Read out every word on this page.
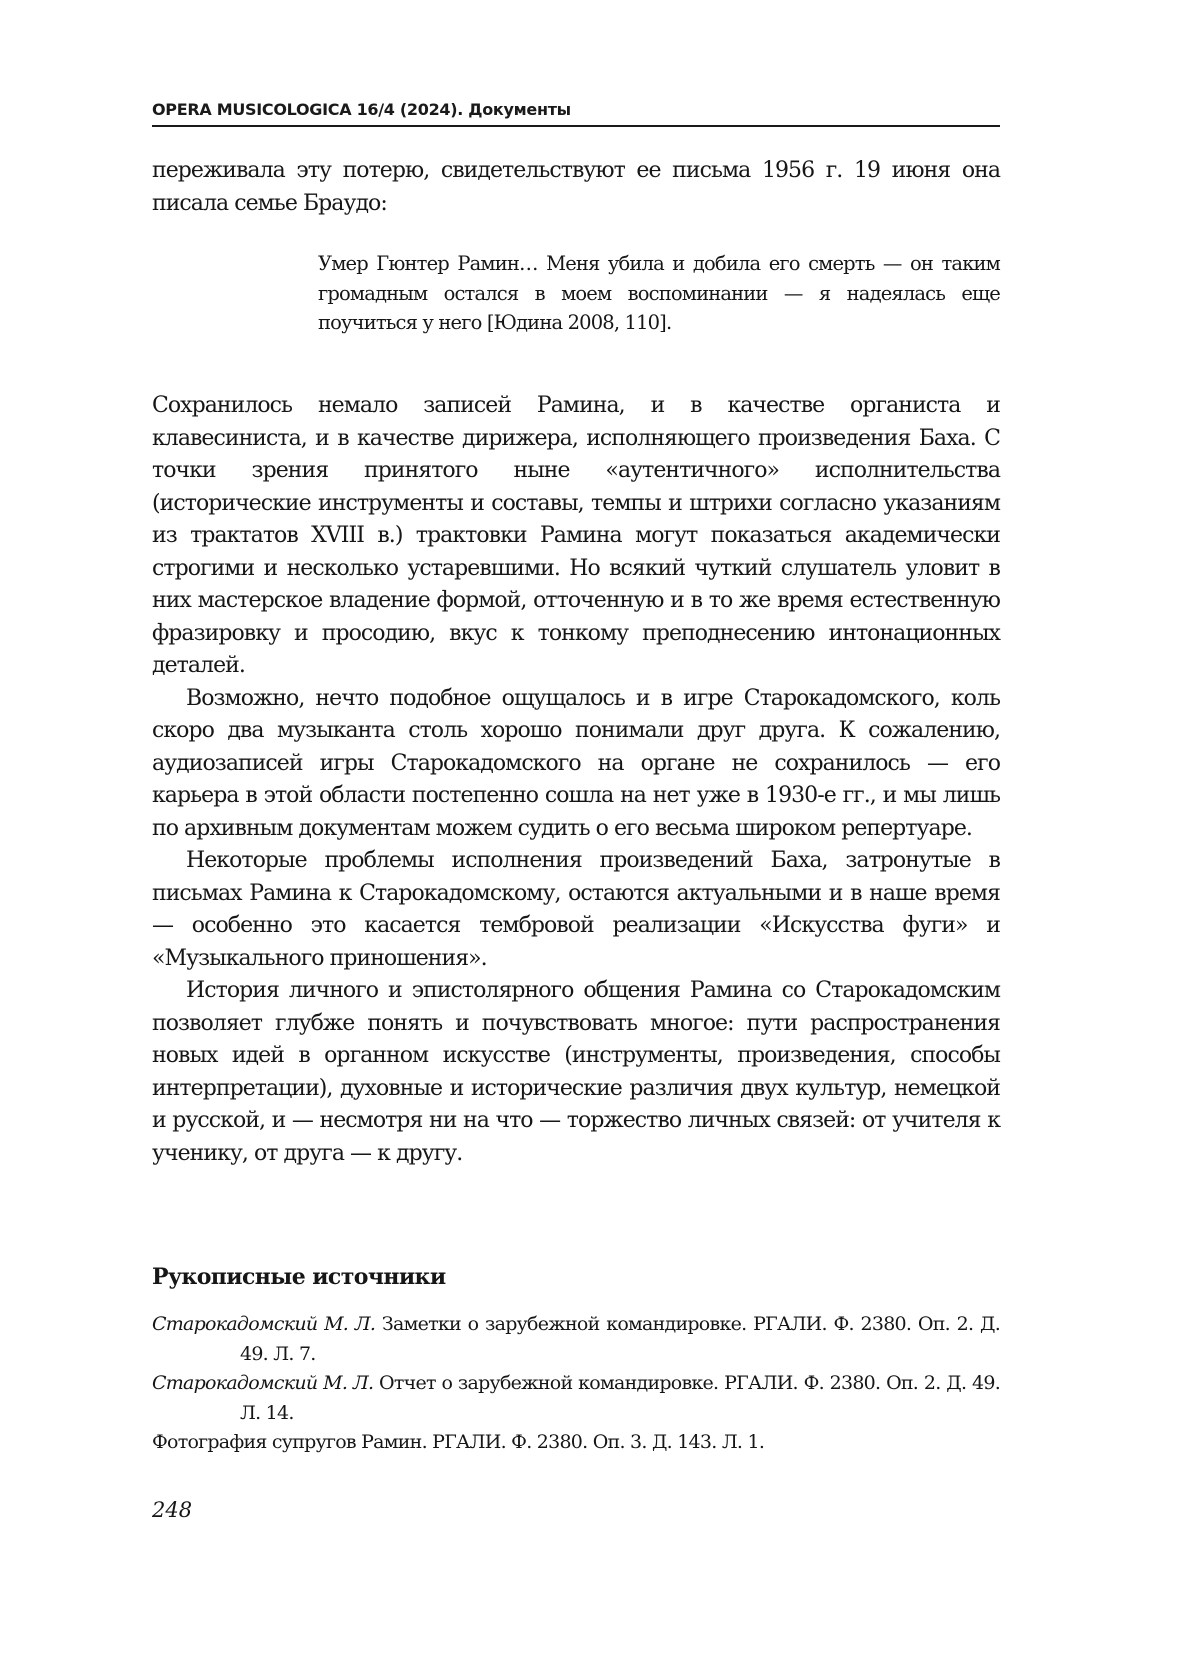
OPERA MUSICOLOGICA 16/4 (2024). Документы

переживала эту потерю, свидетельствуют ее письма 1956 г. 19 июня она писала семье Браудо:

Умер Гюнтер Рамин… Меня убила и добила его смерть — он таким громадным остался в моем воспоминании — я надеялась еще поучиться у него [Юдина 2008, 110].

Сохранилось немало записей Рамина, и в качестве органиста и клавесиниста, и в качестве дирижера, исполняющего произведения Баха. С точки зрения принятого ныне «аутентичного» исполнительства (исторические инструменты и составы, темпы и штрихи согласно указаниям из трактатов XVIII в.) трактовки Рамина могут показаться академически строгими и несколько устаревшими. Но всякий чуткий слушатель уловит в них мастерское владение формой, отточенную и в то же время естественную фразировку и просодию, вкус к тонкому преподнесению интонационных деталей.

Возможно, нечто подобное ощущалось и в игре Старокадомского, коль скоро два музыканта столь хорошо понимали друг друга. К сожалению, аудиозаписей игры Старокадомского на органе не сохранилось — его карьера в этой области постепенно сошла на нет уже в 1930-е гг., и мы лишь по архивным документам можем судить о его весьма широком репертуаре.

Некоторые проблемы исполнения произведений Баха, затронутые в письмах Рамина к Старокадомскому, остаются актуальными и в наше время — особенно это касается тембровой реализации «Искусства фуги» и «Музыкального приношения».

История личного и эпистолярного общения Рамина со Старокадомским позволяет глубже понять и почувствовать многое: пути распространения новых идей в органном искусстве (инструменты, произведения, способы интерпретации), духовные и исторические различия двух культур, немецкой и русской, и — несмотря ни на что — торжество личных связей: от учителя к ученику, от друга — к другу.

Рукописные источники
Старокадомский М. Л. Заметки о зарубежной командировке. РГАЛИ. Ф. 2380. Оп. 2. Д. 49. Л. 7.
Старокадомский М. Л. Отчет о зарубежной командировке. РГАЛИ. Ф. 2380. Оп. 2. Д. 49. Л. 14.
Фотография супругов Рамин. РГАЛИ. Ф. 2380. Оп. 3. Д. 143. Л. 1.
248
